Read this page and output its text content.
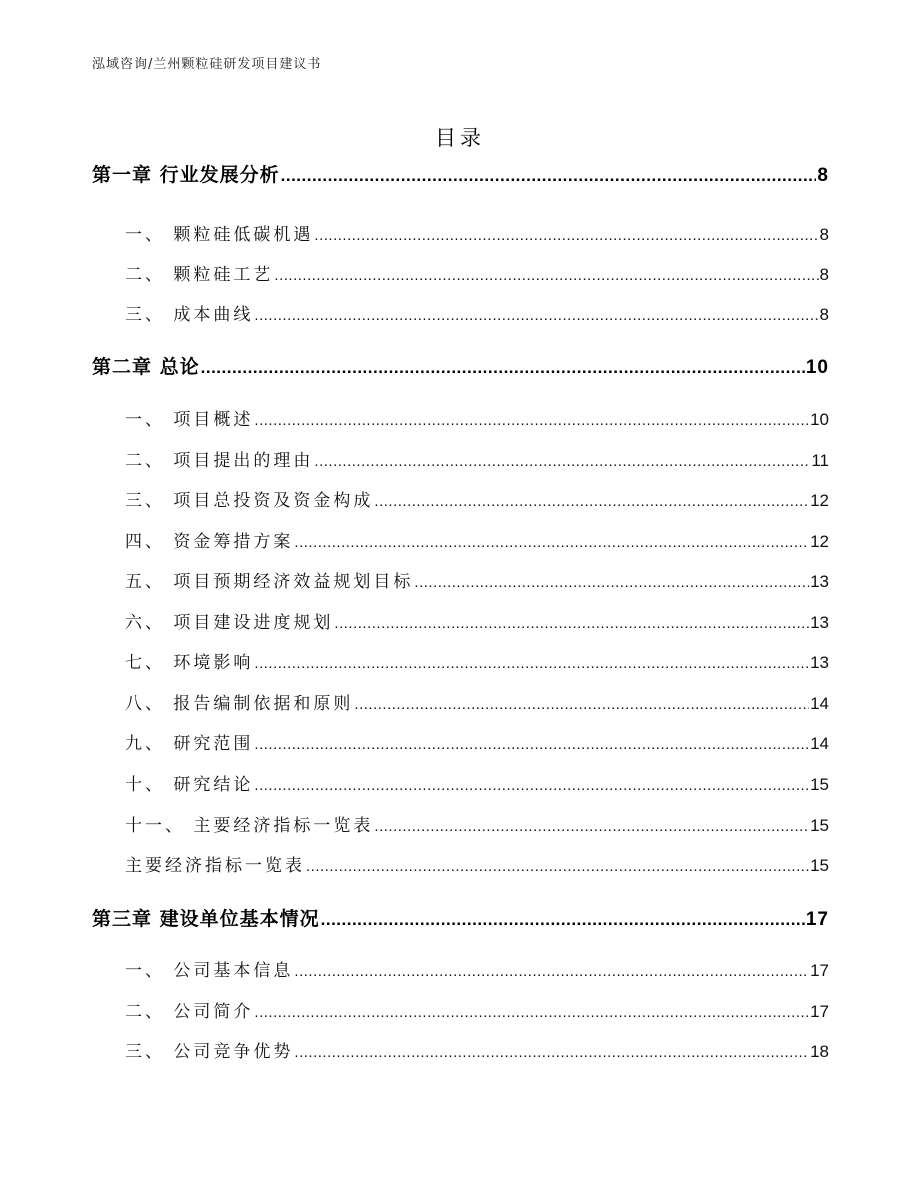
泓域咨询/兰州颗粒硅研发项目建议书
目录
第一章 行业发展分析 .....	8
一、 颗粒硅低碳机遇 .....	8
二、 颗粒硅工艺 .....	8
三、 成本曲线 .....	8
第二章 总论 .....	10
一、 项目概述 .....	10
二、 项目提出的理由 .....	11
三、 项目总投资及资金构成 .....	12
四、 资金筹措方案 .....	12
五、 项目预期经济效益规划目标 .....	13
六、 项目建设进度规划 .....	13
七、 环境影响 .....	13
八、 报告编制依据和原则 .....	14
九、 研究范围 .....	14
十、 研究结论 .....	15
十一、 主要经济指标一览表 .....	15
主要经济指标一览表 .....	15
第三章 建设单位基本情况 .....	17
一、 公司基本信息 .....	17
二、 公司简介 .....	17
三、 公司竞争优势 .....	18
